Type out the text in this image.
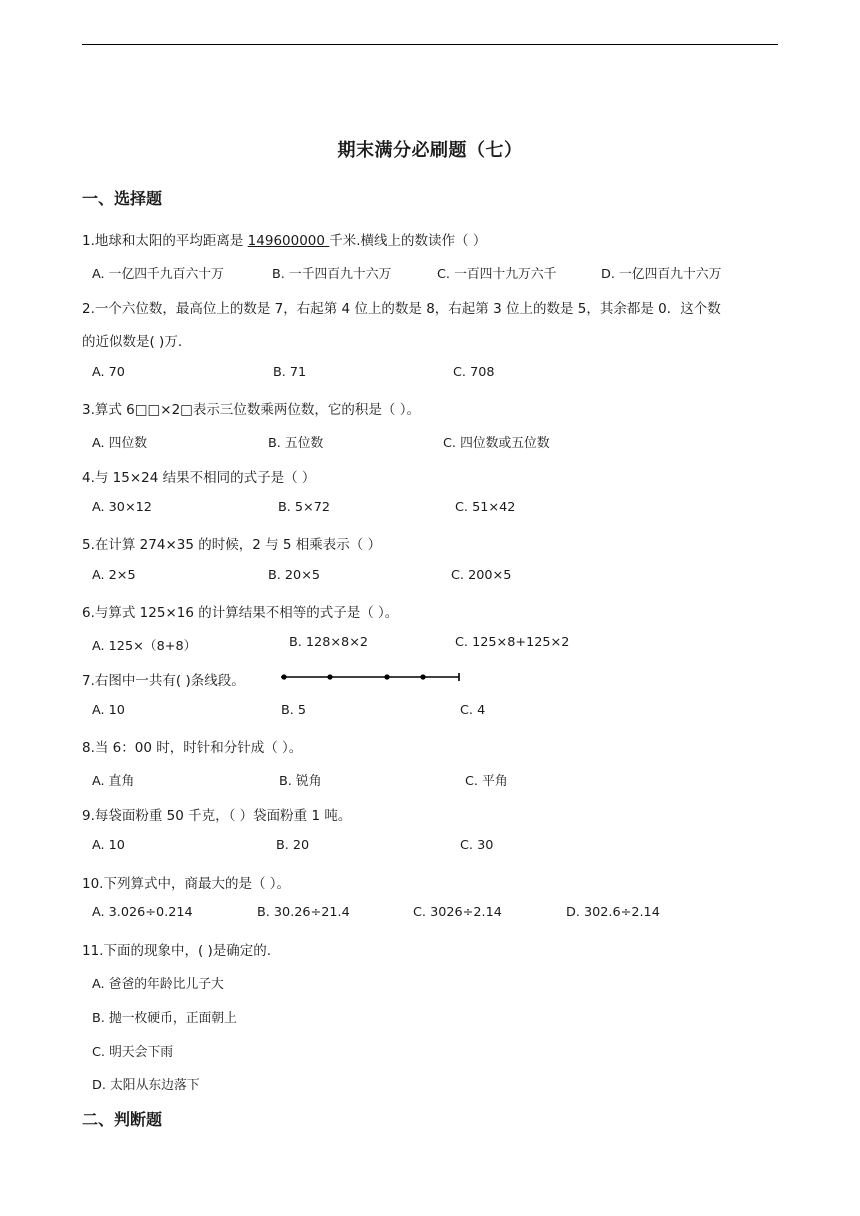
期末满分必刷题（七）
一、选择题
1.地球和太阳的平均距离是 149600000 千米.横线上的数读作（ ）
A. 一亿四千九百六十万	B. 一千四百九十六万	C. 一百四十九万六千	D. 一亿四百九十六万
2.一个六位数，最高位上的数是 7，右起第 4 位上的数是 8，右起第 3 位上的数是 5，其余都是 0．这个数
的近似数是( )万.
A. 70	B. 71	C. 708
3.算式 6□□×2□表示三位数乘两位数，它的积是（ ）。
A. 四位数	B. 五位数	C. 四位数或五位数
4.与 15×24 结果不相同的式子是（ ）
A. 30×12	B. 5×72	C. 51×42
5.在计算 274×35 的时候，2 与 5 相乘表示（ ）
A. 2×5	B. 20×5	C. 200×5
6.与算式 125×16 的计算结果不相等的式子是（ ）。
A. 125×（8+8）	B. 128×8×2	C. 125×8+125×2
7.右图中一共有( )条线段。
A. 10	B. 5	C. 4
8.当 6：00 时，时针和分针成（ ）。
A. 直角	B. 锐角	C. 平角
9.每袋面粉重 50 千克，（ ）袋面粉重 1 吨。
A. 10	B. 20	C. 30
10.下列算式中，商最大的是（ ）。
A. 3.026÷0.214	B. 30.26÷21.4	C. 3026÷2.14	D. 302.6÷2.14
11.下面的现象中，( )是确定的.
A. 爸爸的年龄比儿子大
B. 抛一枚硬币，正面朝上
C. 明天会下雨
D. 太阳从东边落下
二、判断题
